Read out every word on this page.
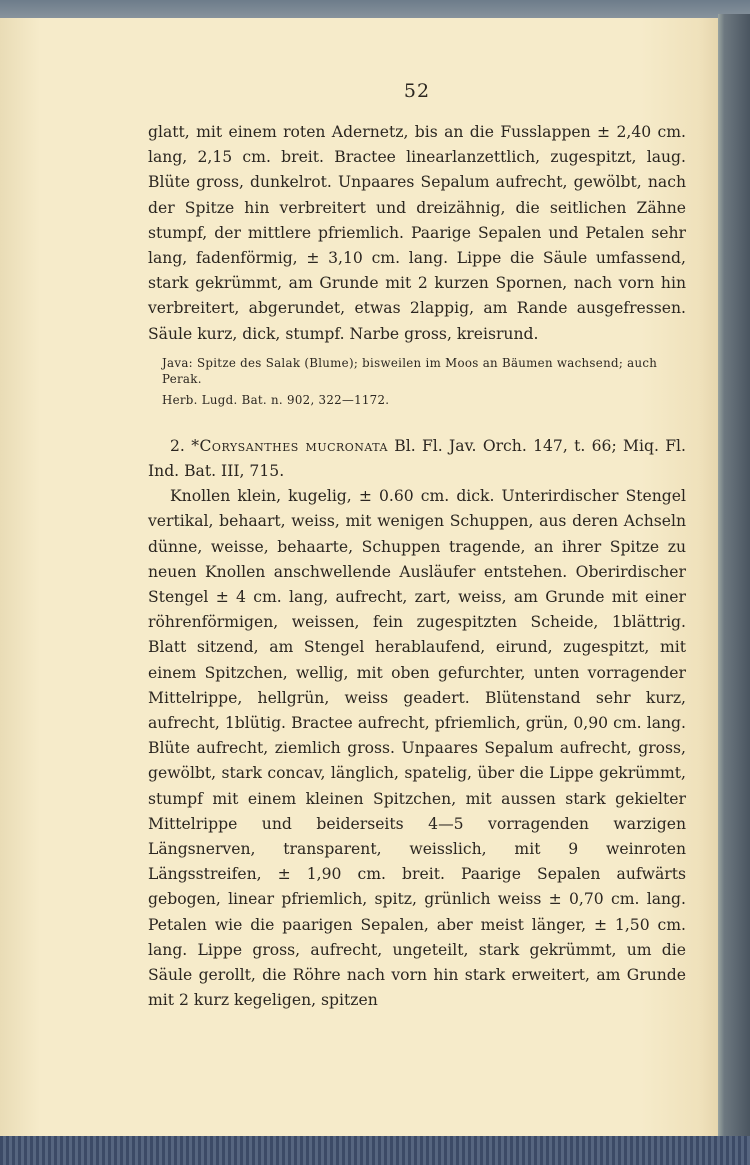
52

glatt, mit einem roten Adernetz, bis an die Fusslappen ± 2,40 cm. lang, 2,15 cm. breit. Bractee linearlanzettlich, zugespitzt, laug. Blüte gross, dunkelrot. Unpaares Sepalum aufrecht, gewölbt, nach der Spitze hin verbreitert und dreizähnig, die seitlichen Zähne stumpf, der mittlere pfriemlich. Paarige Sepalen und Petalen sehr lang, fadenförmig, ± 3,10 cm. lang. Lippe die Säule umfassend, stark gekrümmt, am Grunde mit 2 kurzen Spornen, nach vorn hin verbreitert, abgerundet, etwas 2lappig, am Rande ausgefressen. Säule kurz, dick, stumpf. Narbe gross, kreisrund.

Java: Spitze des Salak (Blume); bisweilen im Moos an Bäumen wachsend; auch Perak.

Herb. Lugd. Bat. n. 902, 322—1172.

2. *Corysanthes mucronata Bl. Fl. Jav. Orch. 147, t. 66; Miq. Fl. Ind. Bat. III, 715.

Knollen klein, kugelig, ± 0.60 cm. dick. Unterirdischer Stengel vertikal, behaart, weiss, mit wenigen Schuppen, aus deren Achseln dünne, weisse, behaarte, Schuppen tragende, an ihrer Spitze zu neuen Knollen anschwellende Ausläufer entstehen. Oberirdischer Stengel ± 4 cm. lang, aufrecht, zart, weiss, am Grunde mit einer röhrenförmigen, weissen, fein zugespitzten Scheide, 1blättrig. Blatt sitzend, am Stengel herablaufend, eirund, zugespitzt, mit einem Spitzchen, wellig, mit oben gefurchter, unten vorragender Mittelrippe, hellgrün, weiss geadert. Blütenstand sehr kurz, aufrecht, 1blütig. Bractee aufrecht, pfriemlich, grün, 0,90 cm. lang. Blüte aufrecht, ziemlich gross. Unpaares Sepalum aufrecht, gross, gewölbt, stark concav, länglich, spatelig, über die Lippe gekrümmt, stumpf mit einem kleinen Spitzchen, mit aussen stark gekielter Mittelrippe und beiderseits 4—5 vorragenden warzigen Längsnerven, transparent, weisslich, mit 9 weinroten Längsstreifen, ± 1,90 cm. breit. Paarige Sepalen aufwärts gebogen, linear pfriemlich, spitz, grünlich weiss ± 0,70 cm. lang. Petalen wie die paarigen Sepalen, aber meist länger, ± 1,50 cm. lang. Lippe gross, aufrecht, ungeteilt, stark gekrümmt, um die Säule gerollt, die Röhre nach vorn hin stark erweitert, am Grunde mit 2 kurz kegeligen, spitzen
